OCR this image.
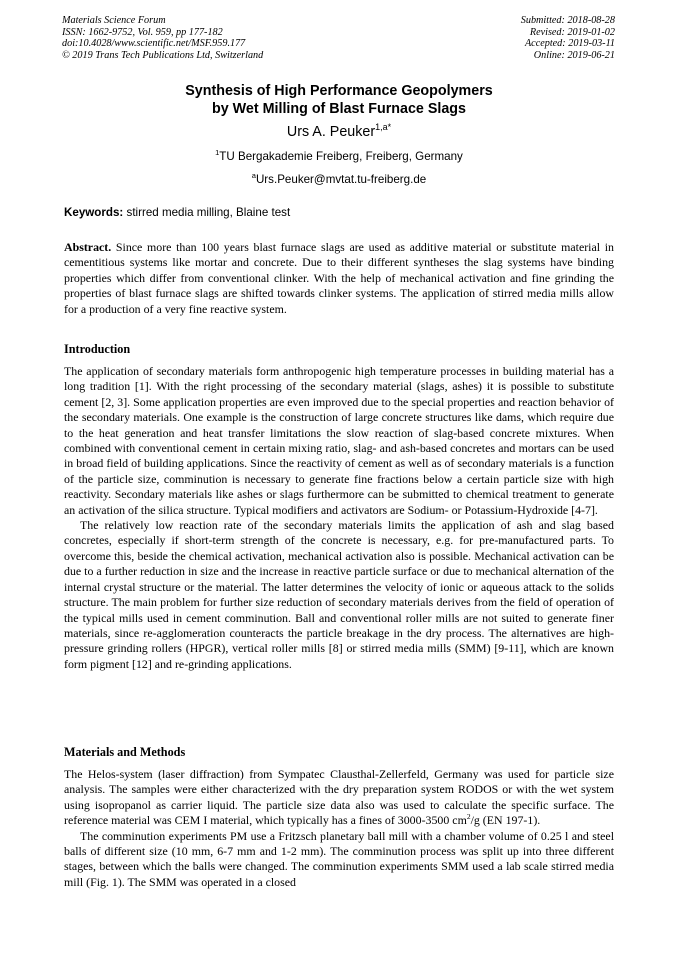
Materials Science Forum
ISSN: 1662-9752, Vol. 959, pp 177-182
doi:10.4028/www.scientific.net/MSF.959.177
© 2019 Trans Tech Publications Ltd, Switzerland
Submitted: 2018-08-28
Revised: 2019-01-02
Accepted: 2019-03-11
Online: 2019-06-21
Synthesis of High Performance Geopolymers
by Wet Milling of Blast Furnace Slags
Urs A. Peuker$^{1,a*}$
$^1$TU Bergakademie Freiberg, Freiberg, Germany
$^a$Urs.Peuker@mvtat.tu-freiberg.de
Keywords: stirred media milling, Blaine test

Abstract. Since more than 100 years blast furnace slags are used as additive material or substitute material in cementitious systems like mortar and concrete. Due to their different syntheses the slag systems have binding properties which differ from conventional clinker. With the help of mechanical activation and fine grinding the properties of blast furnace slags are shifted towards clinker systems. The application of stirred media mills allow for a production of a very fine reactive system.

Introduction

The application of secondary materials form anthropogenic high temperature processes in building material has a long tradition [1]. With the right processing of the secondary material (slags, ashes) it is possible to substitute cement [2, 3]. Some application properties are even improved due to the special properties and reaction behavior of the secondary materials. One example is the construction of large concrete structures like dams, which require due to the heat generation and heat transfer limitations the slow reaction of slag-based concrete mixtures. When combined with conventional cement in certain mixing ratio, slag- and ash-based concretes and mortars can be used in broad field of building applications. Since the reactivity of cement as well as of secondary materials is a function of the particle size, comminution is necessary to generate fine fractions below a certain particle size with high reactivity. Secondary materials like ashes or slags furthermore can be submitted to chemical treatment to generate an activation of the silica structure. Typical modifiers and activators are Sodium- or Potassium-Hydroxide [4-7].

The relatively low reaction rate of the secondary materials limits the application of ash and slag based concretes, especially if short-term strength of the concrete is necessary, e.g. for pre-manufactured parts. To overcome this, beside the chemical activation, mechanical activation also is possible. Mechanical activation can be due to a further reduction in size and the increase in reactive particle surface or due to mechanical alternation of the internal crystal structure or the material. The latter determines the velocity of ionic or aqueous attack to the solids structure. The main problem for further size reduction of secondary materials derives from the field of operation of the typical mills used in cement comminution. Ball and conventional roller mills are not suited to generate finer materials, since re-agglomeration counteracts the particle breakage in the dry process. The alternatives are high-pressure grinding rollers (HPGR), vertical roller mills [8] or stirred media mills (SMM) [9-11], which are known form pigment [12] and re-grinding applications.

Materials and Methods

The Helos-system (laser diffraction) from Sympatec Clausthal-Zellerfeld, Germany was used for particle size analysis. The samples were either characterized with the dry preparation system RODOS or with the wet system using isopropanol as carrier liquid. The particle size data also was used to calculate the specific surface. The reference material was CEM I material, which typically has a fines of 3000-3500 $cm^2/g$ (EN 197-1).

The comminution experiments PM use a Fritzsch planetary ball mill with a chamber volume of 0.25 l and steel balls of different size (10 mm, 6-7 mm and 1-2 mm). The comminution process was split up into three different stages, between which the balls were changed. The comminution experiments SMM used a lab scale stirred media mill (Fig. 1). The SMM was operated in a closed
